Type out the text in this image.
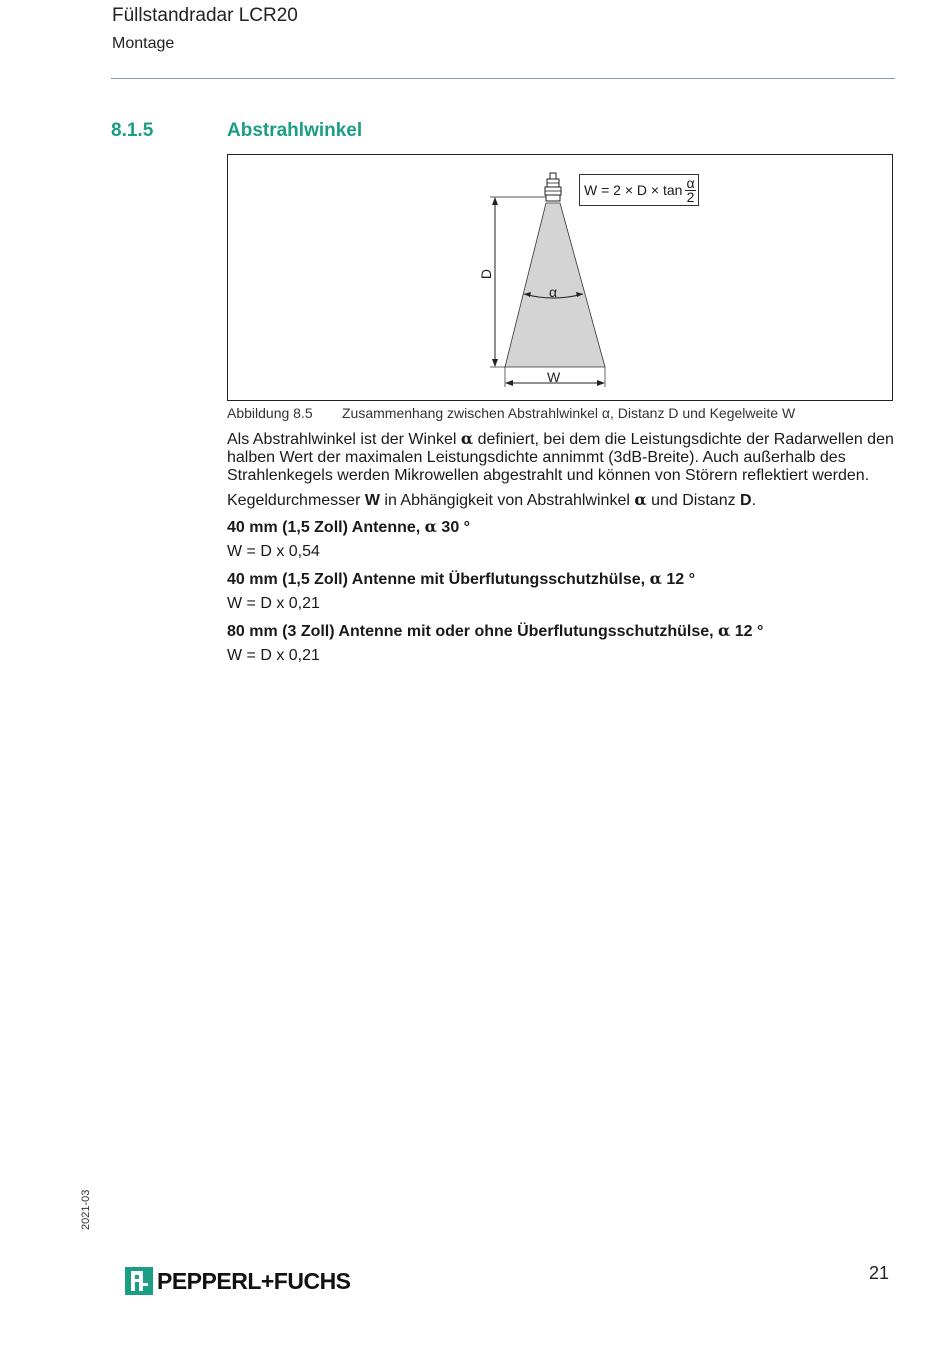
Füllstandradar LCR20
Montage
8.1.5	Abstrahlwinkel
$W = 2 \times D \times \tan \frac{\alpha}{2}$
D
α
W
Abbildung 8.5 Zusammenhang zwischen Abstrahlwinkel α, Distanz D und Kegelweite W
Als Abstrahlwinkel ist der Winkel α definiert, bei dem die Leistungsdichte der Radarwellen den halben Wert der maximalen Leistungsdichte annimmt (3dB-Breite). Auch außerhalb des Strahlenkegels werden Mikrowellen abgestrahlt und können von Störern reflektiert werden.
Kegeldurchmesser W in Abhängigkeit von Abstrahlwinkel α und Distanz D.
40 mm (1,5 Zoll) Antenne, α 30 °
W = D x 0,54
40 mm (1,5 Zoll) Antenne mit Überflutungsschutzhülse, α 12 °
W = D x 0,21
80 mm (3 Zoll) Antenne mit oder ohne Überflutungsschutzhülse, α 12 °
W = D x 0,21
2021-03
PEPPERL+FUCHS	21
